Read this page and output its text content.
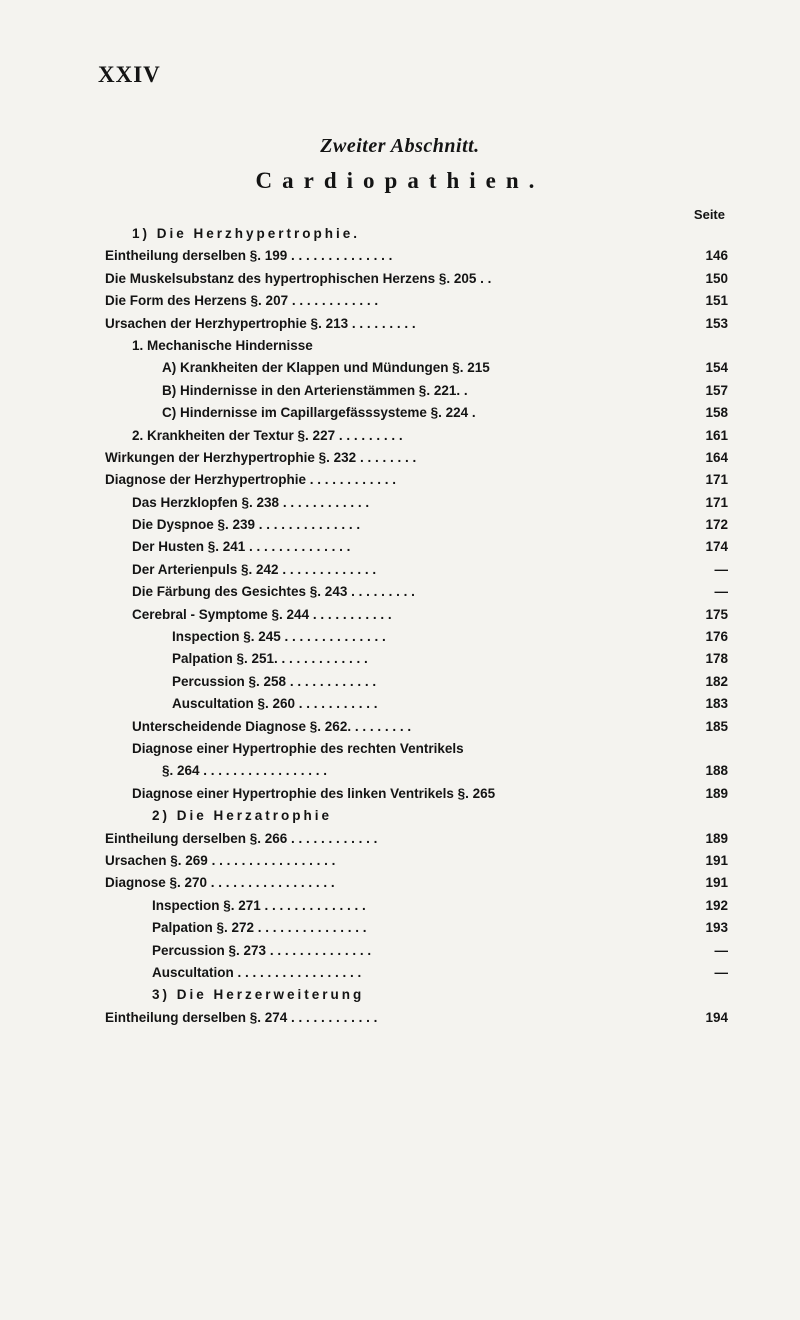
XXIV
Zweiter Abschnitt.
Cardiopathien.
Seite
1) Die Herzhypertrophie.
Eintheilung derselben §. 199 . . . . . . . . . . . . . .	146
Die Muskelsubstanz des hypertrophischen Herzens §. 205 . .	150
Die Form des Herzens §. 207 . . . . . . . . . . . .	151
Ursachen der Herzhypertrophie §. 213 . . . . . . . . .	153
1. Mechanische Hindernisse
A) Krankheiten der Klappen und Mündungen §. 215	154
B) Hindernisse in den Arterienstämmen §. 221. .	157
C) Hindernisse im Capillargefässsysteme §. 224 .	158
2. Krankheiten der Textur §. 227 . . . . . . . . .	161
Wirkungen der Herzhypertrophie §. 232 . . . . . . . .	164
Diagnose der Herzhypertrophie . . . . . . . . . . . .	171
Das Herzklopfen §. 238 . . . . . . . . . . . .	171
Die Dyspnoe §. 239 . . . . . . . . . . . . . .	172
Der Husten §. 241 . . . . . . . . . . . . . .	174
Der Arterienpuls §. 242 . . . . . . . . . . . . .	—
Die Färbung des Gesichtes §. 243 . . . . . . . . .	—
Cerebral - Symptome §. 244 . . . . . . . . . . .	175
Inspection §. 245 . . . . . . . . . . . . . .	176
Palpation §. 251. . . . . . . . . . . . .	178
Percussion §. 258 . . . . . . . . . . . .	182
Auscultation §. 260 . . . . . . . . . . .	183
Unterscheidende Diagnose §. 262. . . . . . . . .	185
Diagnose einer Hypertrophie des rechten Ventrikels
§. 264 . . . . . . . . . . . . . . . . .	188
Diagnose einer Hypertrophie des linken Ventrikels §. 265	189
2) Die Herzatrophie
Eintheilung derselben §. 266 . . . . . . . . . . . .	189
Ursachen §. 269 . . . . . . . . . . . . . . . . .	191
Diagnose §. 270 . . . . . . . . . . . . . . . . .	191
Inspection §. 271 . . . . . . . . . . . . . .	192
Palpation §. 272 . . . . . . . . . . . . . . .	193
Percussion §. 273 . . . . . . . . . . . . . .	—
Auscultation . . . . . . . . . . . . . . . . .	—
3) Die Herzerweiterung
Eintheilung derselben §. 274 . . . . . . . . . . . .	194
